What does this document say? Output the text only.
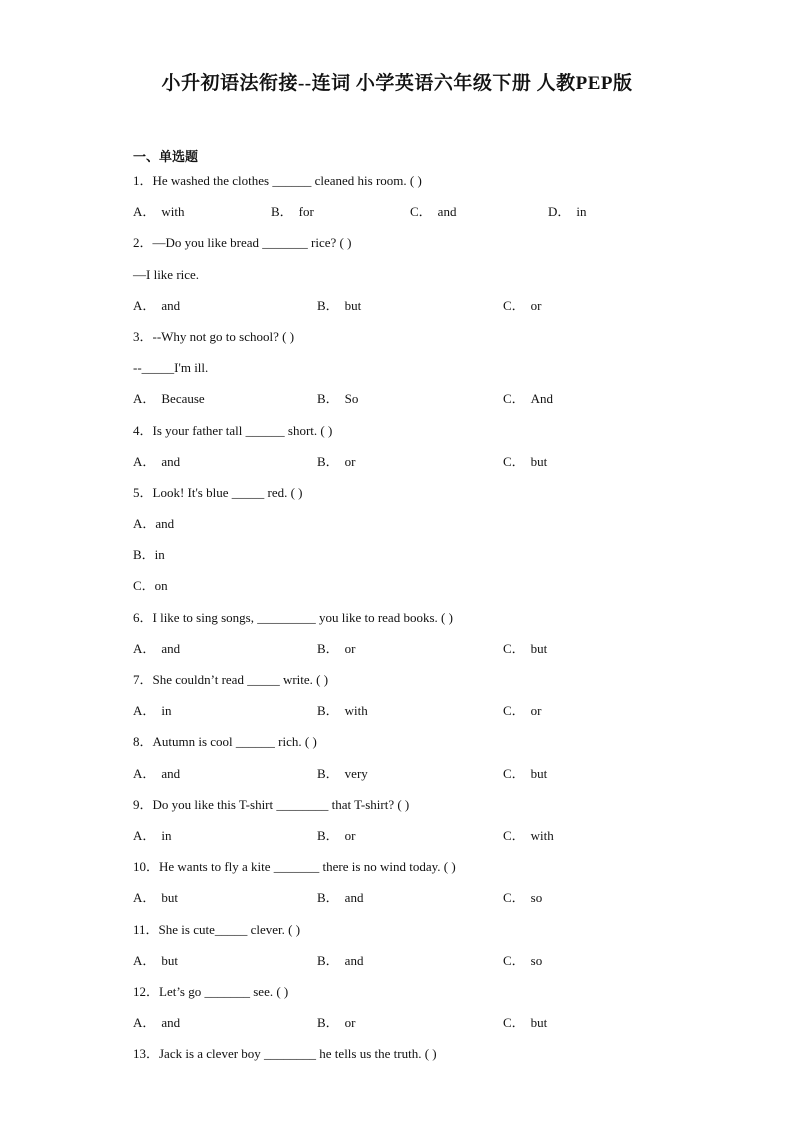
小升初语法衔接--连词 小学英语六年级下册 人教PEP版
一、单选题
1．He washed the clothes ______ cleaned his room. ( )
A． with	B． for	C． and	D． in
2．—Do you like bread _______ rice? ( )
—I like rice.
A． and	B． but	C． or
3．--Why not go to school? ( )
--_____I'm ill.
A． Because	B． So	C． And
4．Is your father tall ______ short. ( )
A． and	B． or	C． but
5．Look! It's blue _____ red. ( )
A．and
B．in
C．on
6．I like to sing songs, _________ you like to read books. ( )
A． and	B． or	C． but
7．She couldn’t read _____ write. ( )
A． in	B． with	C． or
8．Autumn is cool ______ rich. ( )
A． and	B． very	C． but
9．Do you like this T-shirt ________ that T-shirt? ( )
A． in	B． or	C． with
10．He wants to fly a kite _______ there is no wind today. ( )
A． but	B． and	C． so
11．She is cute_____ clever. ( )
A． but	B． and	C． so
12．Let’s go _______ see. ( )
A． and	B． or	C． but
13．Jack is a clever boy ________ he tells us the truth. ( )
